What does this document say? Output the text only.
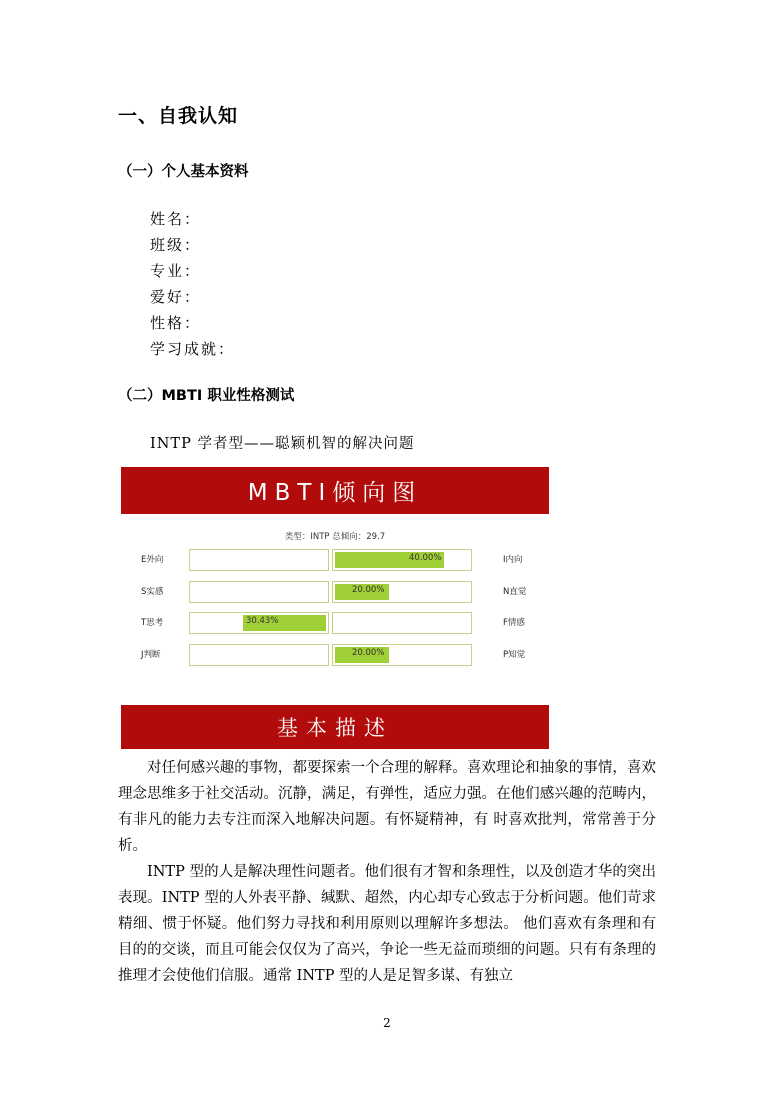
一、自我认知
（一）个人基本资料
姓名：
班级：
专业：
爱好：
性格：
学习成就：
（二）MBTI 职业性格测试
INTP 学者型——聪颖机智的解决问题
MBTI倾向图
类型：INTP 总倾向：29.7
E外向	40.00%	I内向
S实感	20.00%	N直觉
T思考	30.43%	F情感
J判断	20.00%	P知觉
基本描述
对任何感兴趣的事物，都要探索一个合理的解释。喜欢理论和抽象的事情，喜欢理念思维多于社交活动。沉静，满足，有弹性，适应力强。在他们感兴趣的范畴内，有非凡的能力去专注而深入地解决问题。有怀疑精神，有 时喜欢批判，常常善于分析。
INTP 型的人是解决理性问题者。他们很有才智和条理性，以及创造才华的突出表现。INTP 型的人外表平静、缄默、超然，内心却专心致志于分析问题。他们苛求精细、惯于怀疑。他们努力寻找和利用原则以理解许多想法。 他们喜欢有条理和有目的的交谈，而且可能会仅仅为了高兴，争论一些无益而琐细的问题。只有有条理的推理才会使他们信服。通常 INTP 型的人是足智多谋、有独立
2
